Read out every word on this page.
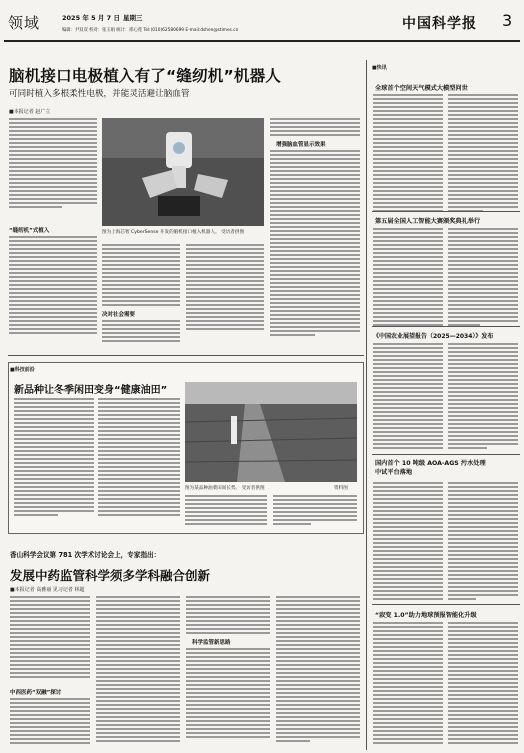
领域	2025 年 5 月 7 日 星期三
编辑：尹双双 校对：张玉娟 统计：邢心莲 Tel:(010)62580699 E-mail:dshen@stimes.cn	中国科学报 3
脑机接口电极植入有了“缝纫机”机器人
可同时植入多根柔性电极，并能灵活避让脑血管
■本报记者 赵广立
“缝纫机”式植入	图为上海芯智 CyberSense 开发的脑机接口植入机器人。 受访者供图
决对社会需要
增强脑血管显示效果
■科技前沿
新品种让冬季闲田变身“健康油田”
图为某品种油菜田间长势。 受访者供图	资料图
香山科学会议第 781 次学术讨论会上，专家指出：
发展中药监管科学须多学科融合创新
■本报记者 高雅丽 见习记者 林超
中西医药“双融”探讨
科学监管新思路
■快讯
全球首个空间天气模式大模型问世
第五届全国人工智能大赛颁奖典礼举行
《中国农业展望报告（2025—2034）》发布
国内首个 10 吨级 AOA-AGS 污水处理中试平台落地
“寂变 1.0”助力地球预报智能化升级
